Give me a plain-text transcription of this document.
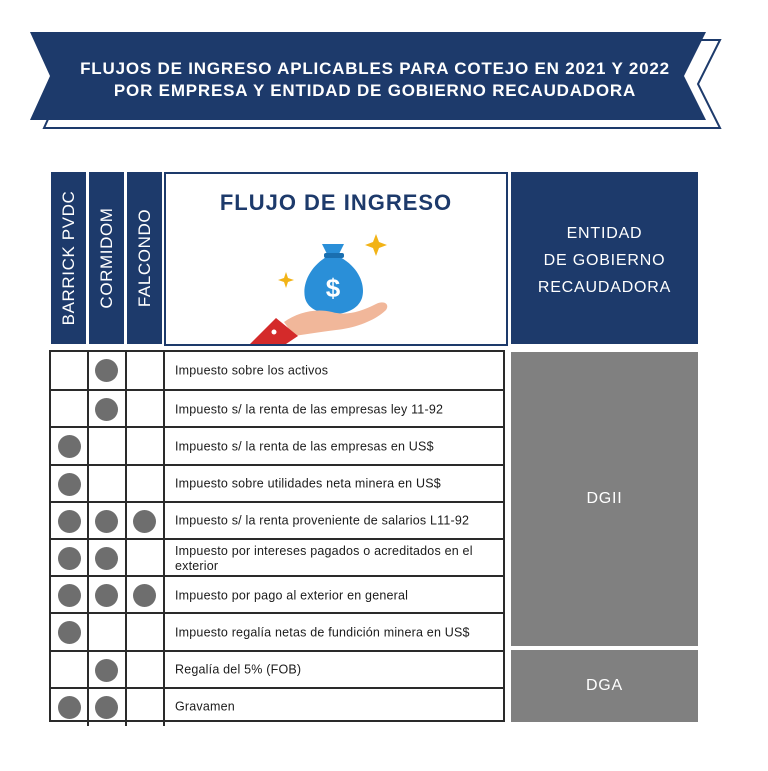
FLUJOS DE INGRESO APLICABLES PARA COTEJO EN 2021 Y 2022
POR EMPRESA Y ENTIDAD DE GOBIERNO RECAUDADORA
BARRICK PVDC CORMIDOM FALCONDO
FLUJO DE INGRESO
$
ENTIDAD
DE GOBIERNO
RECAUDADORA
Impuesto sobre los activos
Impuesto s/ la renta de las empresas ley 11-92
Impuesto s/ la renta de las empresas en US$
Impuesto sobre utilidades neta minera en US$
Impuesto s/ la renta proveniente de salarios L11-92
Impuesto por intereses pagados o acreditados en el exterior
Impuesto por pago al exterior en general
Impuesto regalía netas de fundición minera en US$
Regalía del 5% (FOB)
Gravamen
DGII
DGA
